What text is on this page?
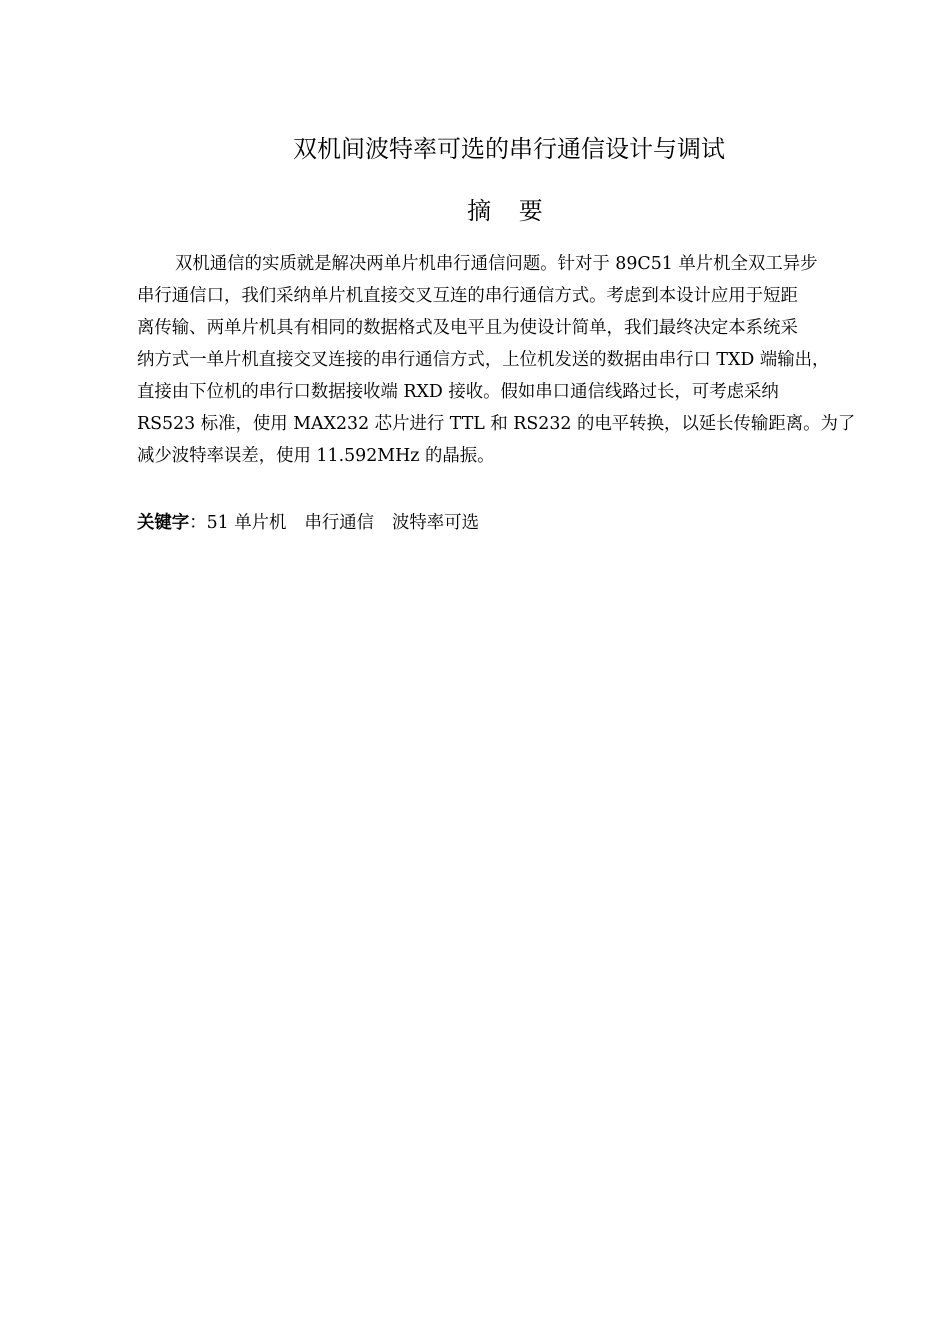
双机间波特率可选的串行通信设计与调试
摘 要
双机通信的实质就是解决两单片机串行通信问题。针对于 89C51 单片机全双工异步
串行通信口，我们采纳单片机直接交叉互连的串行通信方式。考虑到本设计应用于短距
离传输、两单片机具有相同的数据格式及电平且为使设计简单，我们最终决定本系统采
纳方式一单片机直接交叉连接的串行通信方式，上位机发送的数据由串行口 TXD 端输出，
直接由下位机的串行口数据接收端 RXD 接收。假如串口通信线路过长，可考虑采纳
RS523 标准，使用 MAX232 芯片进行 TTL 和 RS232 的电平转换，以延长传输距离。为了
减少波特率误差，使用 11.592MHz 的晶振。
关键字：51 单片机 串行通信 波特率可选
